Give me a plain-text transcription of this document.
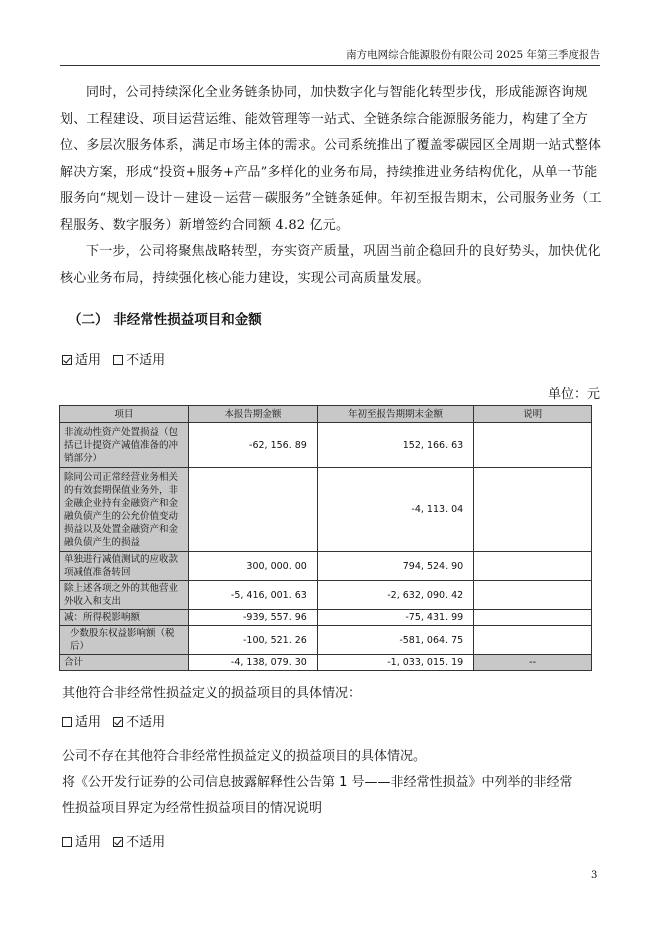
南方电网综合能源股份有限公司 2025 年第三季度报告

同时，公司持续深化全业务链条协同，加快数字化与智能化转型步伐，形成能源咨询规划、工程建设、项目运营运维、能效管理等一站式、全链条综合能源服务能力，构建了全方位、多层次服务体系，满足市场主体的需求。公司系统推出了覆盖零碳园区全周期一站式整体解决方案，形成“投资+服务+产品”多样化的业务布局，持续推进业务结构优化，从单一节能服务向“规划－设计－建设－运营－碳服务”全链条延伸。年初至报告期末，公司服务业务（工程服务、数字服务）新增签约合同额 4.82 亿元。

下一步，公司将聚焦战略转型，夯实资产质量，巩固当前企稳回升的良好势头，加快优化核心业务布局，持续强化核心能力建设，实现公司高质量发展。

（二） 非经常性损益项目和金额
适用 不适用
单位：元
项目	本报告期金额	年初至报告期期末金额	说明
非流动性资产处置损益（包括已计提资产减值准备的冲销部分）	-62, 156. 89	152, 166. 63	
除同公司正常经营业务相关的有效套期保值业务外，非金融企业持有金融资产和金融负债产生的公允价值变动损益以及处置金融资产和金融负债产生的损益		-4, 113. 04	
单独进行减值测试的应收款项减值准备转回	300, 000. 00	794, 524. 90	
除上述各项之外的其他营业外收入和支出	-5, 416, 001. 63	-2, 632, 090. 42	
减：所得税影响额	-939, 557. 96	-75, 431. 99	
少数股东权益影响额（税后）	-100, 521. 26	-581, 064. 75	
合计	-4, 138, 079. 30	-1, 033, 015. 19	--
其他符合非经常性损益定义的损益项目的具体情况：
适用 不适用
公司不存在其他符合非经常性损益定义的损益项目的具体情况。
将《公开发行证券的公司信息披露解释性公告第 1 号——非经常性损益》中列举的非经常
性损益项目界定为经常性损益项目的情况说明
适用 不适用
3
